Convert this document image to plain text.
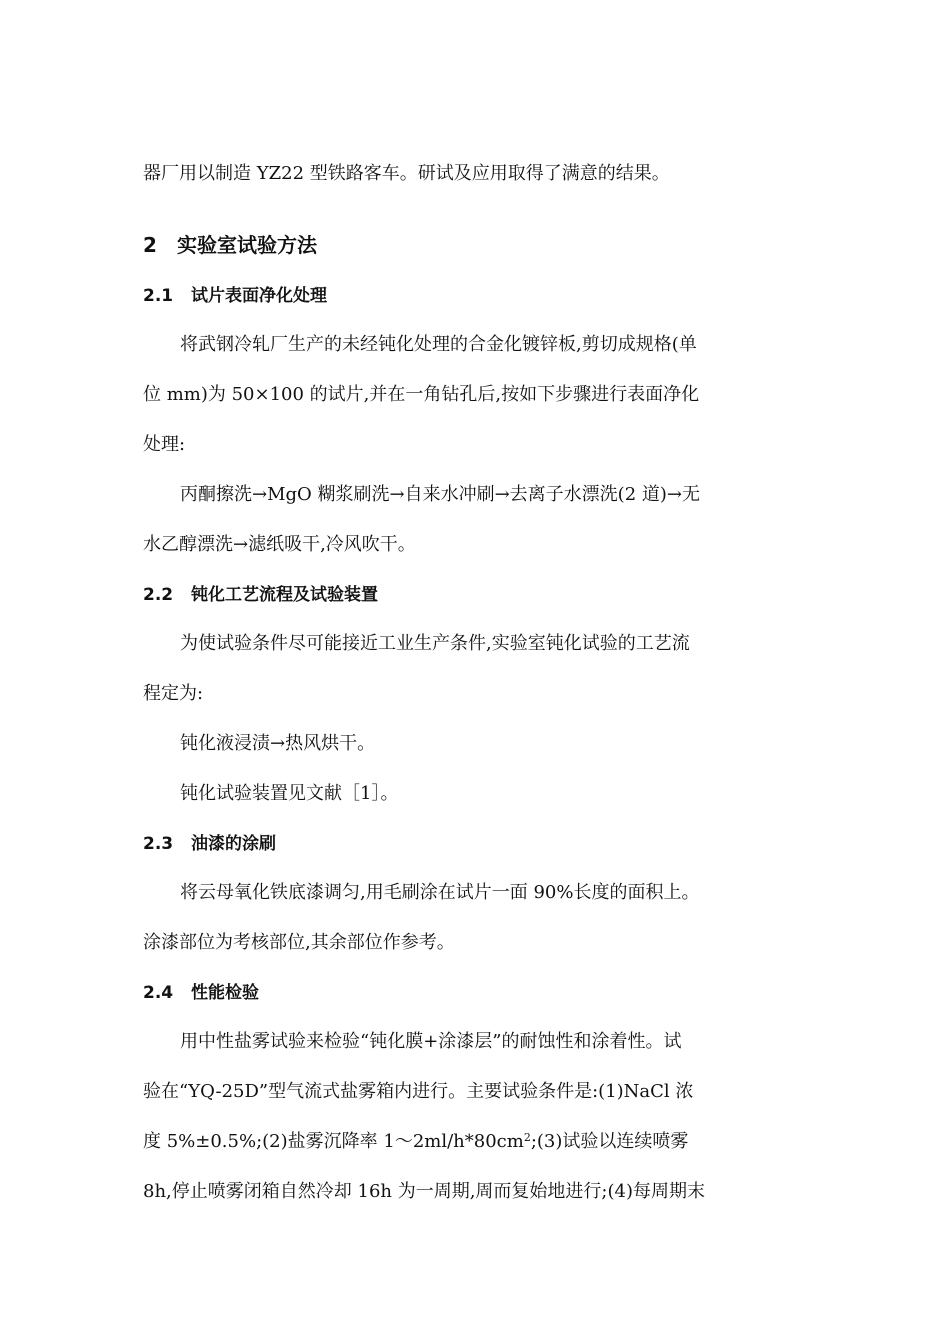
器厂用以制造 YZ22 型铁路客车。研试及应用取得了满意的结果。
2 实验室试验方法
2.1 试片表面净化处理
将武钢冷轧厂生产的未经钝化处理的合金化镀锌板,剪切成规格(单
位 mm)为 50×100 的试片,并在一角钻孔后,按如下步骤进行表面净化
处理:
丙酮擦洗→MgO 糊浆刷洗→自来水冲刷→去离子水漂洗(2 道)→无
水乙醇漂洗→滤纸吸干,冷风吹干。
2.2 钝化工艺流程及试验装置
为使试验条件尽可能接近工业生产条件,实验室钝化试验的工艺流
程定为:
钝化液浸渍→热风烘干。
钝化试验装置见文献［1］。
2.3 油漆的涂刷
将云母氧化铁底漆调匀,用毛刷涂在试片一面 90%长度的面积上。
涂漆部位为考核部位,其余部位作参考。
2.4 性能检验
用中性盐雾试验来检验“钝化膜+涂漆层”的耐蚀性和涂着性。试
验在“YQ-25D”型气流式盐雾箱内进行。主要试验条件是:(1)NaCl 浓
度 5%±0.5%;(2)盐雾沉降率 $1\sim 2ml/h*80cm^2;(3)$试验以连续喷雾
8h,停止喷雾闭箱自然冷却 16h 为一周期,周而复始地进行;(4)每周期末
